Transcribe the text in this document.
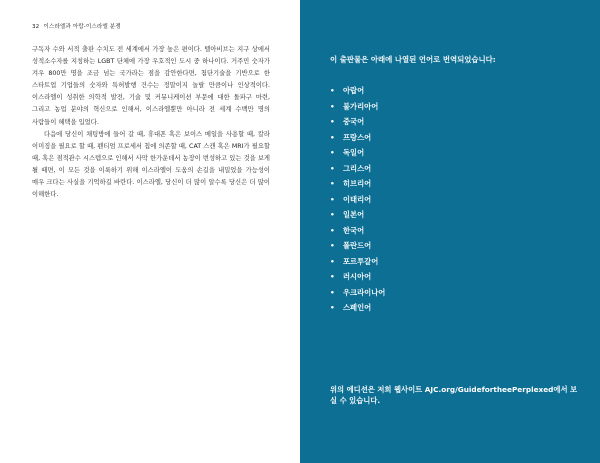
32 이스라엘과 아랍-이스라엘 분쟁

구독자 수와 서적 출판 수치도 전 세계에서 가장 높은 편이다. 텔아비브는 지구 상에서 성적소수자를 지칭하는 LGBT 단체에 가장 우호적인 도시 중 하나이다. 거주민 숫자가 겨우 800만 명을 조금 넘는 국가라는 점을 감안한다면, 첨단기술을 기반으로 한 스타트업 기업들의 숫자와 특허발행 건수는 정말이지 놀랄 만큼이나 인상적이다. 이스라엘이 성취한 의학적 발전, 기술 및 커뮤니케이션 부문에 대한 돌파구 마련, 그리고 농업 분야의 혁신으로 인해서, 이스라엘뿐만 아니라 전 세계 수백만 명의 사람들이 혜택을 입었다.

다음에 당신이 채팅방에 들어 갈 때, 휴대폰 혹은 보이스 메일을 사용할 때, 칼라 이미징을 필요로 할 때, 펜티엄 프로세서 칩에 의존할 때, CAT 스캔 혹은 MRI가 필요할 때, 혹은 점적관수 시스템으로 인해서 사막 한가운데서 농장이 번성하고 있는 것을 보게 될 때면, 이 모든 것을 이룩하기 위해 이스라엘이 도움의 손길을 내밀었을 가능성이 매우 크다는 사실을 기억하길 바란다. 이스라엘, 당신이 더 많이 알수록 당신은 더 많이 이해한다.

이 출판물은 아래에 나열된 언어로 번역되었습니다:
• 아랍어
• 불가리아어
• 중국어
• 프랑스어
• 독일어
• 그리스어
• 히브리어
• 이태리어
• 일본어
• 한국어
• 폴란드어
• 포르투갈어
• 러시아어
• 우크라이나어
• 스페인어
위의 에디션은 저희 웹사이트 AJC.org/GuidefortheePerplexed에서 보실 수 있습니다.
